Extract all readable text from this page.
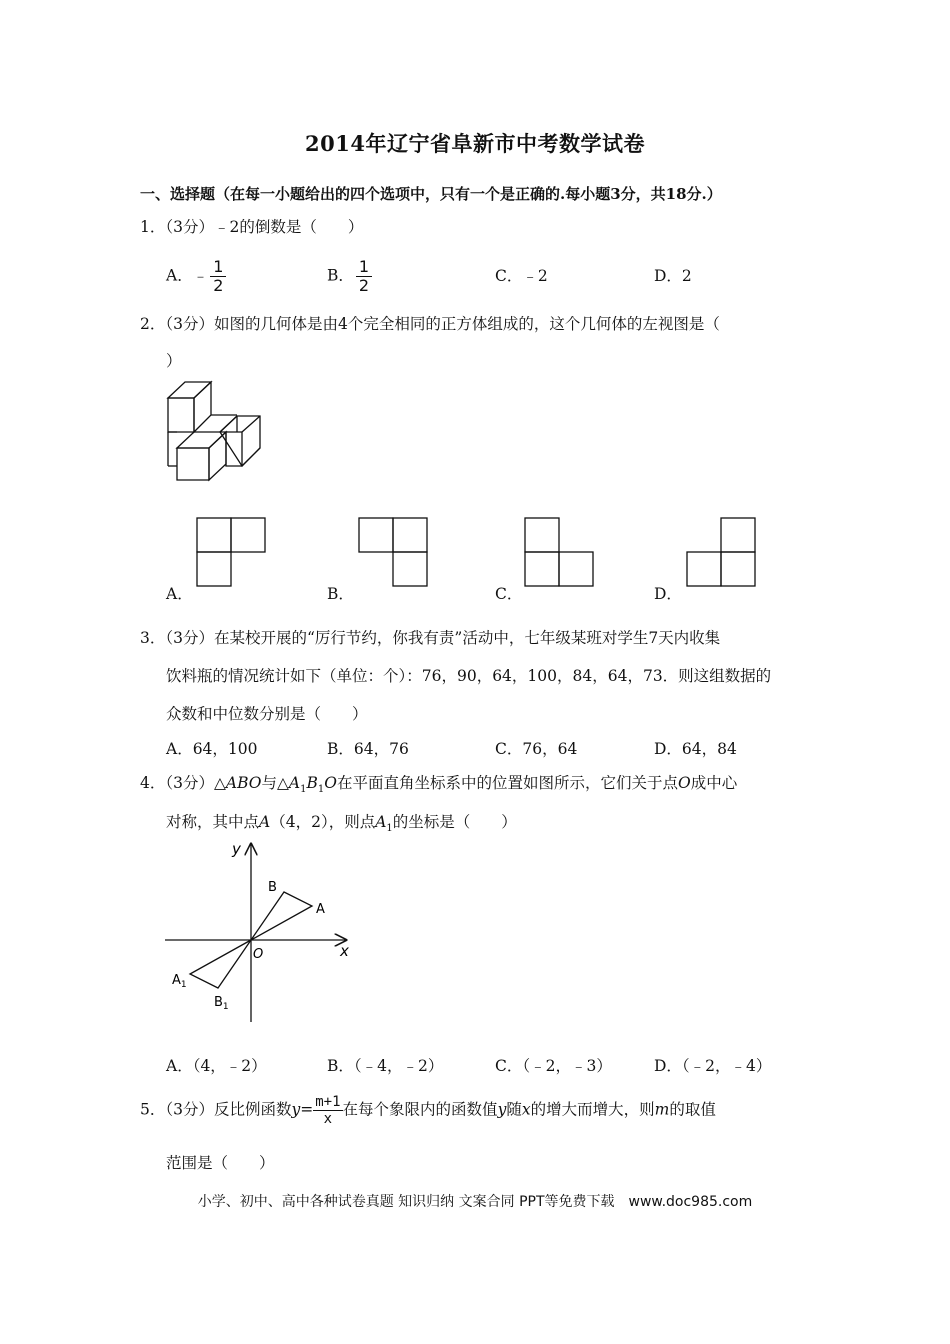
2014年辽宁省阜新市中考数学试卷
一、选择题（在每一小题给出的四个选项中，只有一个是正确的.每小题3分，共18分.）
1．（3分）﹣2的倒数是（　　）
A．﹣ $\frac{1}{2}$	B． $\frac{1}{2}$	C．﹣2	D．2
2．（3分）如图的几何体是由4个完全相同的正方体组成的，这个几何体的左视图是（
）
A．	B．	C．	D．
3．（3分）在某校开展的“厉行节约，你我有责”活动中，七年级某班对学生7天内收集
饮料瓶的情况统计如下（单位：个）：76，90，64，100，84，64，73．则这组数据的
众数和中位数分别是（　　）
A．64，100	B．64，76	C．76，64	D．64，84
4．（3分）△ABO与$\triangle A_1B_1O$在平面直角坐标系中的位置如图所示，它们关于点O成中心
对称，其中点A（4，2），则点$A_1$的坐标是（　　）
y
x
O
B
A
$A_1$
$B_1$
A．（4，﹣2）	B．（﹣4，﹣2）	C．（﹣2，﹣3）	D．（﹣2，﹣4）
5．（3分）反比例函数$y= \frac{m+1}{x}$ 在每个象限内的函数值y随x的增大而增大，则m的取值
范围是（　　）
小学、初中、高中各种试卷真题 知识归纳 文案合同 PPT等免费下载　www.doc985.com
